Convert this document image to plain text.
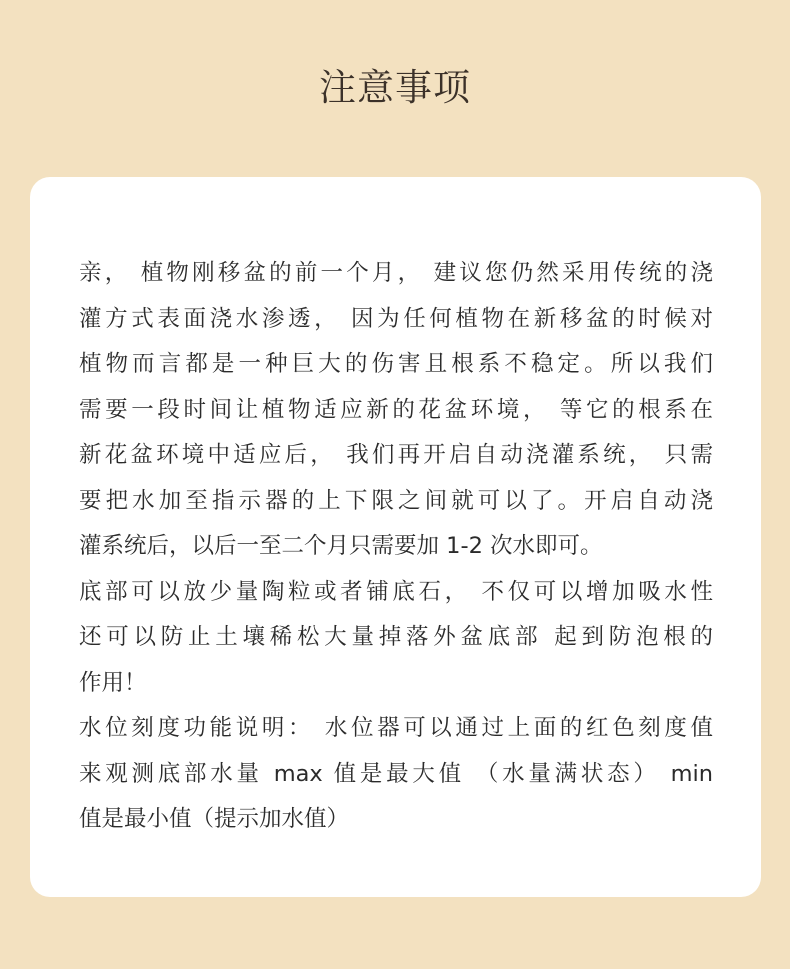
注意事项
亲， 植物刚移盆的前一个月， 建议您仍然采用传统的浇
灌方式表面浇水渗透， 因为任何植物在新移盆的时候对
植物而言都是一种巨大的伤害且根系不稳定。所以我们
需要一段时间让植物适应新的花盆环境， 等它的根系在
新花盆环境中适应后， 我们再开启自动浇灌系统， 只需
要把水加至指示器的上下限之间就可以了。开启自动浇
灌系统后，以后一至二个月只需要加 1-2 次水即可。
底部可以放少量陶粒或者铺底石， 不仅可以增加吸水性
还可以防止土壤稀松大量掉落外盆底部 起到防泡根的
作用！
水位刻度功能说明： 水位器可以通过上面的红色刻度值
来观测底部水量 max 值是最大值 （水量满状态） min
值是最小值（提示加水值）
